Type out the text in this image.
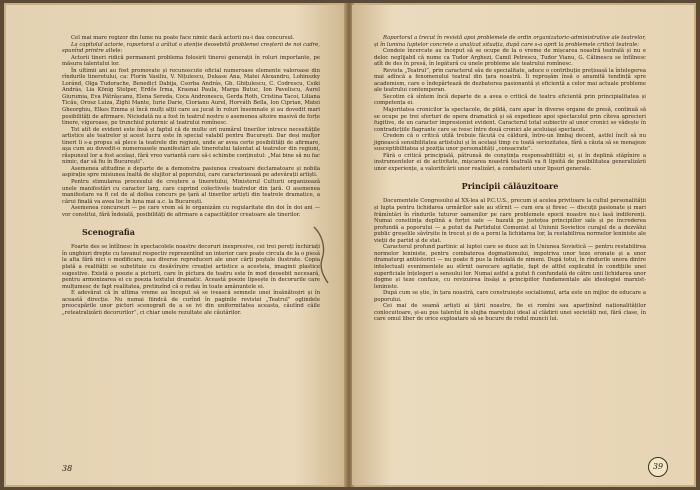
Cel mai mare regizor din lume nu poate face nimic dacă actorii nu-i dau concursul.

La capitolul actorie, raportorul a arătat o atenție deosebită problemei creșterii de noi cadre, spunînd printre altele:

Actorii tineri ridică permanent problema folosirii tinerei generații în roluri importante, pe măsura talentului lor.

În ultimii ani au fost promovate și recunoscute oficial numeroase elemente valoroase din rîndurile tineretului, ca: Florin Vasiliu, V. Nițulescu, Dukase Ana, Matei Alexandru, Lohinszky Loránd, Olga Tudorache, Benedict Dabija, Csorba András, Gh. Ghițulescu, C. Codrescu, Csiki András, Lia König Stolper, Erdős Irma, Krasnai Paula, Marga Butuc, Ion Paveliscu, Aurel Giurumia, Eva Pătrășcanu, Elena Sereda, Coca Andronescu, Gerda Roth, Cristina Tacoi, Liliana Ticău, Orosz Luiza, Zighi Mante, Iurie Darie, Ciorianu Aurel, Horváth Bella, Ion Ciprian, Matei Gheorghiu, Elkes Emma și încă mulți alții care au jucat în roluri însemnate și au dovedit mari posibilități de afirmare. Niciodată nu a fost în teatrul nostru o asemenea altoire masivă de forțe tinere, viguroase, pe trunchiul puternic al teatrului romînesc.

Tot atît de evident este însă și faptul că de multe ori numărul tinerilor intrece necesitățile artistice ale teatrelor și acest lucru este în special valabil pentru București. Dar deși mulțor tineri li s-a propus să plece la teatrele din regiuni, unde ar avea certe posibilități de afirmare, aşa cum au dovedit-o numeroasele manifestări ale tineretului talentat al teatrelor din regiuni, răspunsul lor a fost același, fără vreo variantă care să-i schimbe conținutul: „Mai bine să nu fac nimic, dar să fiu în București”.

Asemenea atitudine e departe de a demonstra pasiunea creatoare declamatoare și nobila aspirație spre misiunea înaltă de slujitor al poporului, care caracterizează pe adevărații artiști.

Pentru stimularea procesului de creștere a tineretului, Ministerul Culturii organizează unele manifestări cu caracter larg, care cuprind colectivele teatrelor din țară. O asemenea manifestare va fi cel de al doilea concurs pe țară al tinerilor artiști din teatrele dramatice, a cărui finală va avea loc în luna mai a.c. la București.

Asemenea concursuri — pe care vrem să le organizăm cu regularitate din doi în doi ani — vor constitui, fără îndoială, posibilități de afirmare a capacităților creatoare ale tinerilor.

Scenografia

Foarte des se întîlnesc în spectacolele noastre decoruri inexpresive, cei trei pereți închiriați în unghiuri drepte cu tavanul respectiv reprezentînd un interior care poate circula de la o piesă la alta fără nici o modificare, sau diverse reproduceri ale unor cărți poștale ilustrate. Copia plată a realității se substituie cu desăvîrșire creației artistice a acesteia, imaginii plastice sugestive. Există o poezie a picturii, care în pictura de teatru este în mod deosebit necesară, pentru armonizarea ei cu poezia textului dramatic. Această poezie lipsește în decorurile care mulțumesc de fapt realitatea, pretinzînd că o redau în toate amănuntele ei.

E adevărat că în ultima vreme au început să se ivească semnele unei însănătoșiri și în această direcție. Nu numai fiindcă de curînd în paginile revistei „Teatrul” oglindele preocupările unor pictori scenografi de a se ivi din uniformitatea aceasta, căutînd căile „reteatralizării decorurilor”, ci chiar unele rezultate ale căutărilor.

38

Raportorul a trecut în revistă apoi problemele de ordin organizatoric-administrative ale teatrelor, și în lumina luptelor concrete a analizat situația, după care s-a oprit la problemele criticii teatrale:

Condeie încercate au început să se ocupe de la o vreme de mișcarea noastră teatrală și nu e deloc neglijabil că nume ca Tudor Arghezi, Camil Petrescu, Tudor Vianu, G. Călinescu se întîlnesc atît de des în presă, în legătură cu unele probleme ale teatrului romînesc.

Revista „Teatrul”, prin caracterul său de specialitate, aduce o contribuție prețioasă la întelegerea mai adîncă a fenomenului teatral din țara noastră. Îi reproșăm însă o anumită tendință spre academism, care o îndepărtează de dezbaterea pasionantă și eficientă a celor mai actuale probleme ale teatrului contemporan.

Secotim că sîntem încă departe de a avea o critică de teatru eficientă prin principialitatea și competența ei.

Majoritatea cronicilor la spectacole, de pildă, care apar în diverse organe de presă, continuă să se ocupe pe trei sferturi de opera dramatică și să expedieze apoi spectacolul prin cîteva aprecieri fugitive, de un caracter impresionist evident. Caracterul total subiectiv al unor cronici se vădește în contradicțiile flagrante care se ivesc între două cronici ale aceluiași spectacol.

Credem că o critică utilă trebuie făcută cu căldură, între-un limbaj decent, astfel încît să nu jignească sensibilitatea artistului și în același timp cu toată seriozitatea, fără a căuta să se menajeze susceptibilitatea și poziția unor personalități „consacrate”.

Fără o critică principială, pătrunsă de conștința responsabilității ei, și în deplină stăpînire a instrumentelor ei de activitate, mișcarea noastră teatrală va fi lipsită de posibilitatea generalizării unor experiențe, a valorificării unor realizări, a combaterii unor lipsuri generale.

Principii călăuzitoare

Documentele Congresului al XX-lea al P.C.U.S., precum și acelea privitoare la cultul personalității și lupta pentru lichidarea urmărilor sale au stîrnit — cum era și firesc — discuții pasionate și mari frămîntări în rîndurile tuturor oamenilor pe care problemele epocii noastre nu-i lasă indiferenți. Numai constiința deplină a forței sale — bazată pe justețea principiilor sale și pe încrederea profundă a poporului — a putut da Partidului Comunist al Uniunii Sovietice curajul de a dezvălui public greșelile săvîrșite în trecut și de a porni la lichidarea lor, la restabilirea normelor leniniste ale vieții de partid și de stat.

Caracterul profund partinic al luptei care se duce azi în Uniunea Sovietică — pentru restabilirea normelor leniniste, pentru combaterea dogmatismului, impotriva unor teze eronate și a unor dramaturgi antiistorici — nu poate fi pus la îndoială de nimeni. După totui, în rîndurile unora dintre intelectuali evenimentele au stîrnit oarecare agitație, fapt de altfel explicabil în condițiile unei superficiale înțelegeri a sensului lor. Numai astfel a putut fi confundată de către unii lichidarea unor dogme și teze confuze, cu revizuirea însăși a principiilor fundamentale ale ideologiei marxist-leniniste.

După cum se știe, în țara noastră, care construiește socialismul, arta este un mijloc de educare a poporului.

Cei mai de seamă artiști ai țării noastre, fie ei romîni sau aparținînd naționalităților conlocuitoare, și-au pus talentul în slujba marețului ideal al clădirii unei societăți noi, fără clase, în care omul liber de orice exploatare să se bucure de rodul muncii lui.

39
